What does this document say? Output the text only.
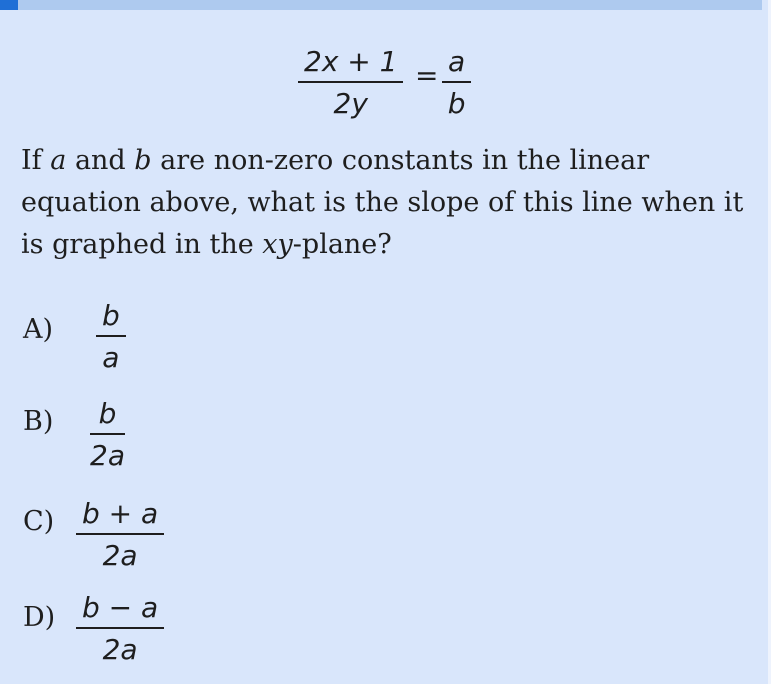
2x + 1
2y
= a
b

If a and b are non-zero constants in the linear equation above, what is the slope of this line when it is graphed in the xy-plane?

A) b
a
B) b
2a
C) b + a
2a
D) b − a
2a
